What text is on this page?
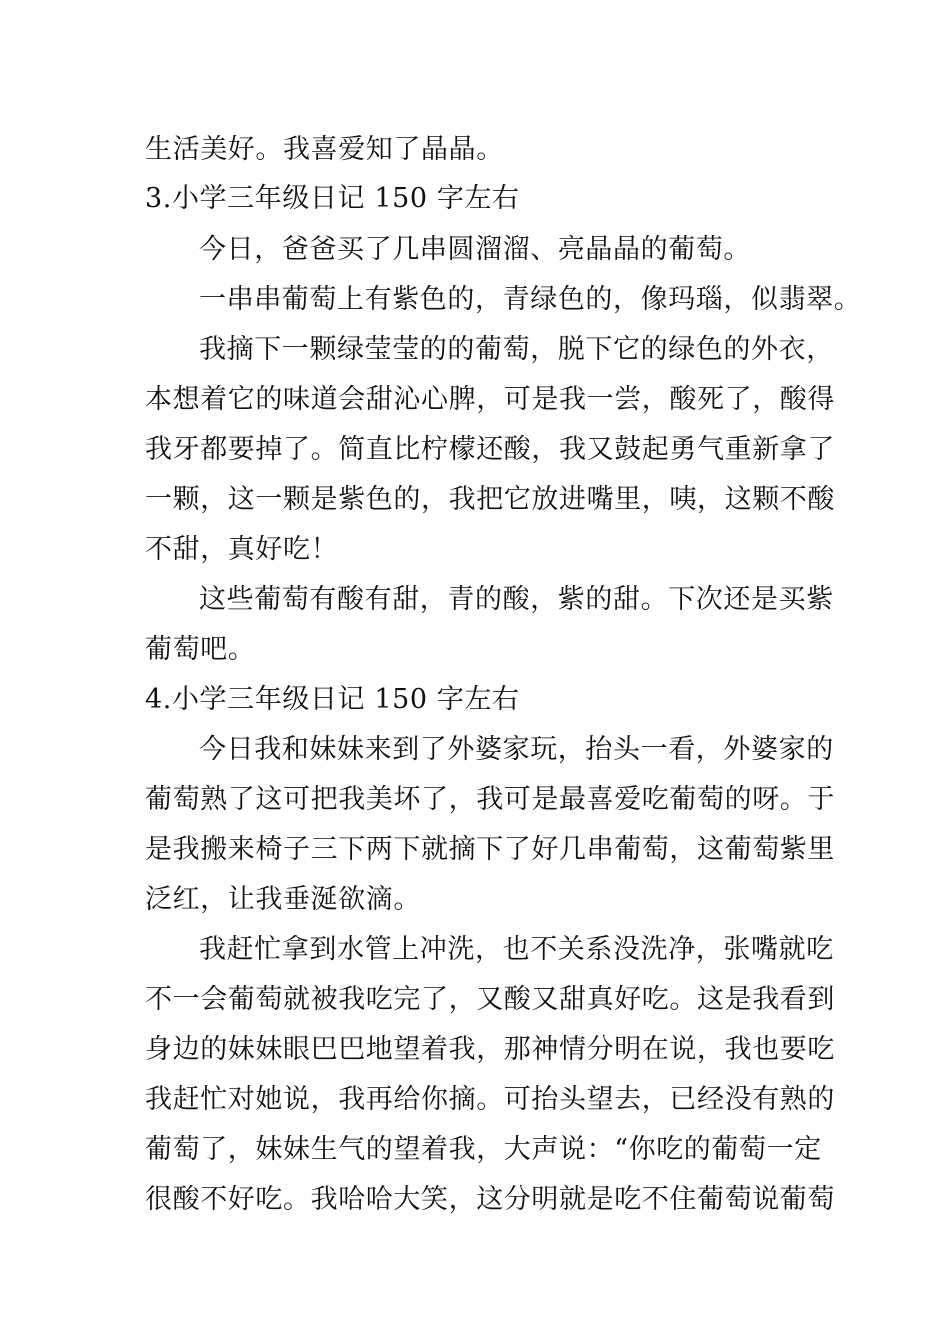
生活美好。我喜爱知了晶晶。
3.小学三年级日记 150 字左右
今日，爸爸买了几串圆溜溜、亮晶晶的葡萄。
一串串葡萄上有紫色的，青绿色的，像玛瑙，似翡翠。
我摘下一颗绿莹莹的的葡萄，脱下它的绿色的外衣，
本想着它的味道会甜沁心脾，可是我一尝，酸死了，酸得
我牙都要掉了。简直比柠檬还酸，我又鼓起勇气重新拿了
一颗，这一颗是紫色的，我把它放进嘴里，咦，这颗不酸
不甜，真好吃！
这些葡萄有酸有甜，青的酸，紫的甜。下次还是买紫
葡萄吧。
4.小学三年级日记 150 字左右
今日我和妹妹来到了外婆家玩，抬头一看，外婆家的
葡萄熟了这可把我美坏了，我可是最喜爱吃葡萄的呀。于
是我搬来椅子三下两下就摘下了好几串葡萄，这葡萄紫里
泛红，让我垂涎欲滴。
我赶忙拿到水管上冲洗，也不关系没洗净，张嘴就吃
不一会葡萄就被我吃完了，又酸又甜真好吃。这是我看到
身边的妹妹眼巴巴地望着我，那神情分明在说，我也要吃
我赶忙对她说，我再给你摘。可抬头望去，已经没有熟的
葡萄了，妹妹生气的望着我，大声说：“你吃的葡萄一定
很酸不好吃。我哈哈大笑，这分明就是吃不住葡萄说葡萄
